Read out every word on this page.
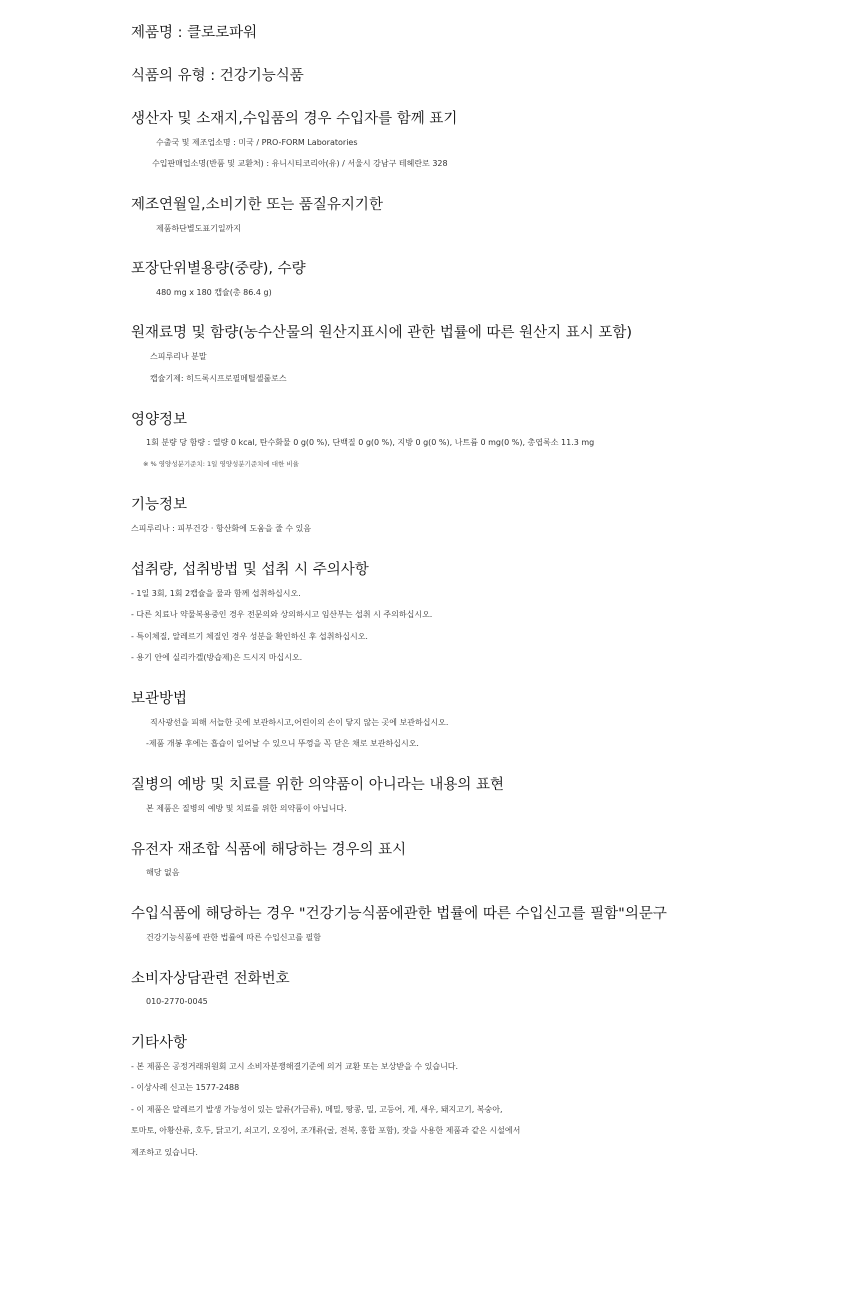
제품명 : 클로로파워
식품의 유형 : 건강기능식품
생산자 및 소재지,수입품의 경우 수입자를 함께 표기
수출국 및 제조업소명 : 미국 / PRO-FORM Laboratories
수입판매업소명(반품 및 교환처) : 유니시티코리아(유) / 서울시 강남구 테헤란로 328
제조연월일,소비기한 또는 품질유지기한
제품하단별도표기일까지
포장단위별용량(중량), 수량
480 mg x 180 캡슐(총 86.4 g)
원재료명 및 함량(농수산물의 원산지표시에 관한 법률에 따른 원산지 표시 포함)
스피루리나 분말
캡슐기제: 히드록시프로필메틸셀룰로스
영양정보
1회 분량 당 함량 : 열량 0 kcal, 탄수화물 0 g(0 %), 단백질 0 g(0 %), 지방 0 g(0 %), 나트륨 0 mg(0 %), 총엽록소 11.3 mg
※ % 영양성분기준치: 1일 영양성분기준치에 대한 비율
기능정보
스피루리나 : 피부건강 · 항산화에 도움을 줄 수 있음
섭취량, 섭취방법 및 섭취 시 주의사항
- 1일 3회, 1회 2캡슐을 물과 함께 섭취하십시오.
- 다른 치료나 약물복용중인 경우 전문의와 상의하시고 임산부는 섭취 시 주의하십시오.
- 특이체질, 알레르기 체질인 경우 성분을 확인하신 후 섭취하십시오.
- 용기 안에 실리카겔(방습제)은 드시지 마십시오.
보관방법
직사광선을 피해 서늘한 곳에 보관하시고,어린이의 손이 닿지 않는 곳에 보관하십시오.
-제품 개봉 후에는 흡습이 일어날 수 있으니 뚜껑을 꼭 닫은 채로 보관하십시오.
질병의 예방 및 치료를 위한 의약품이 아니라는 내용의 표현
본 제품은 질병의 예방 및 치료를 위한 의약품이 아닙니다.
유전자 재조합 식품에 해당하는 경우의 표시
해당 없음
수입식품에 해당하는 경우 "건강기능식품에관한 법률에 따른 수입신고를 필함"의문구
건강기능식품에 관한 법률에 따른 수입신고를 필함
소비자상담관련 전화번호
010-2770-0045
기타사항
- 본 제품은 공정거래위원회 고시 소비자분쟁해결기준에 의거 교환 또는 보상받을 수 있습니다.
- 이상사례 신고는 1577-2488
- 이 제품은 알레르기 발생 가능성이 있는 알류(가금류), 메밀, 땅콩, 밀, 고등어, 게, 새우, 돼지고기, 복숭아,
토마토, 아황산류, 호두, 닭고기, 쇠고기, 오징어, 조개류(굴, 전복, 홍합 포함), 잣을 사용한 제품과 같은 시설에서
제조하고 있습니다.
